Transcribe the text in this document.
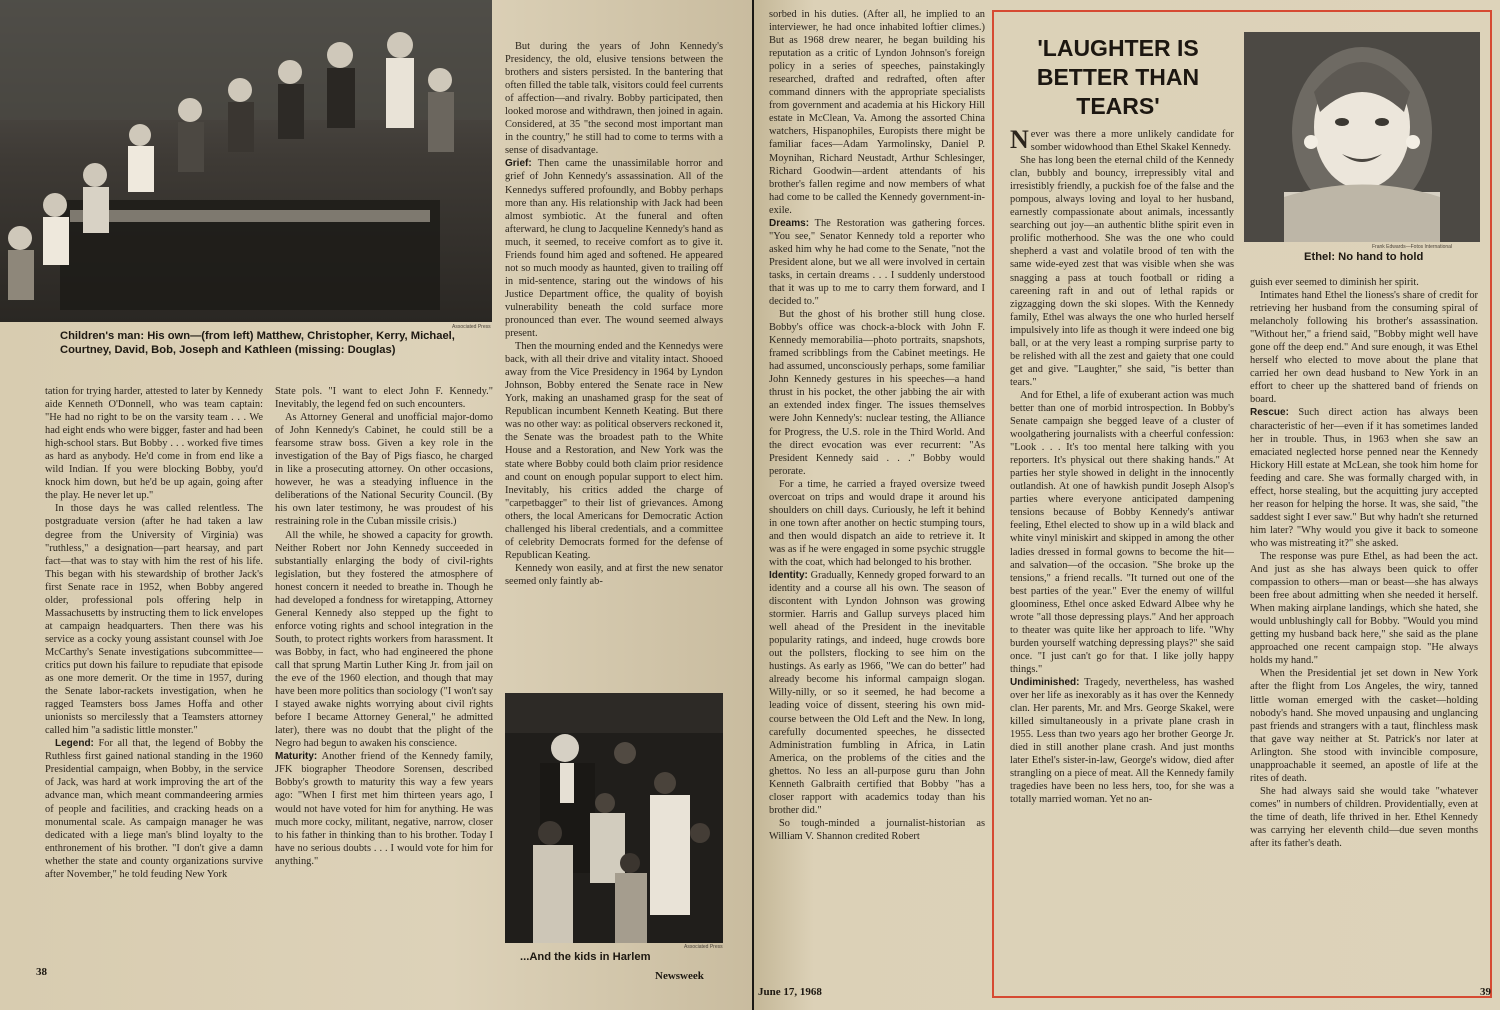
Associated Press
Children's man: His own—(from left) Matthew, Christopher, Kerry, Michael, Courtney, David, Bob, Joseph and Kathleen (missing: Douglas)

tation for trying harder, attested to later by Kennedy aide Kenneth O'Donnell, who was team captain: "He had no right to be on the varsity team . . . We had eight ends who were bigger, faster and had been high-school stars. But Bobby . . . worked five times as hard as anybody. He'd come in from end like a wild Indian. If you were blocking Bobby, you'd knock him down, but he'd be up again, going after the play. He never let up."

In those days he was called relentless. The postgraduate version (after he had taken a law degree from the University of Virginia) was "ruthless," a designation—part hearsay, and part fact—that was to stay with him the rest of his life. This began with his stewardship of brother Jack's first Senate race in 1952, when Bobby angered older, professional pols offering help in Massachusetts by instructing them to lick envelopes at campaign headquarters. Then there was his service as a cocky young assistant counsel with Joe McCarthy's Senate investigations subcommittee—critics put down his failure to repudiate that episode as one more demerit. Or the time in 1957, during the Senate labor-rackets investigation, when he ragged Teamsters boss James Hoffa and other unionists so mercilessly that a Teamsters attorney called him "a sadistic little monster."

Legend: For all that, the legend of Bobby the Ruthless first gained national standing in the 1960 Presidential campaign, when Bobby, in the service of Jack, was hard at work improving the art of the advance man, which meant commandeering armies of people and facilities, and cracking heads on a monumental scale. As campaign manager he was dedicated with a liege man's blind loyalty to the enthronement of his brother. "I don't give a damn whether the state and county organizations survive after November," he told feuding New York

State pols. "I want to elect John F. Kennedy." Inevitably, the legend fed on such encounters.

As Attorney General and unofficial major-domo of John Kennedy's Cabinet, he could still be a fearsome straw boss. Given a key role in the investigation of the Bay of Pigs fiasco, he charged in like a prosecuting attorney. On other occasions, however, he was a steadying influence in the deliberations of the National Security Council. (By his own later testimony, he was proudest of his restraining role in the Cuban missile crisis.)

All the while, he showed a capacity for growth. Neither Robert nor John Kennedy succeeded in substantially enlarging the body of civil-rights legislation, but they fostered the atmosphere of honest concern it needed to breathe in. Though he had developed a fondness for wiretapping, Attorney General Kennedy also stepped up the fight to enforce voting rights and school integration in the South, to protect rights workers from harassment. It was Bobby, in fact, who had engineered the phone call that sprung Martin Luther King Jr. from jail on the eve of the 1960 election, and though that may have been more politics than sociology ("I won't say I stayed awake nights worrying about civil rights before I became Attorney General," he admitted later), there was no doubt that the plight of the Negro had begun to awaken his conscience.

Maturity: Another friend of the Kennedy family, JFK biographer Theodore Sorensen, described Bobby's growth to maturity this way a few years ago: "When I first met him thirteen years ago, I would not have voted for him for anything. He was much more cocky, militant, negative, narrow, closer to his father in thinking than to his brother. Today I have no serious doubts . . . I would vote for him for anything."

But during the years of John Kennedy's Presidency, the old, elusive tensions between the brothers and sisters persisted. In the bantering that often filled the table talk, visitors could feel currents of affection—and rivalry. Bobby participated, then looked morose and withdrawn, then joined in again. Considered, at 35 "the second most important man in the country," he still had to come to terms with a sense of disadvantage.

Grief: Then came the unassimilable horror and grief of John Kennedy's assassination. All of the Kennedys suffered profoundly, and Bobby perhaps more than any. His relationship with Jack had been almost symbiotic. At the funeral and often afterward, he clung to Jacqueline Kennedy's hand as much, it seemed, to receive comfort as to give it. Friends found him aged and softened. He appeared not so much moody as haunted, given to trailing off in mid-sentence, staring out the windows of his Justice Department office, the quality of boyish vulnerability beneath the cold surface more pronounced than ever. The wound seemed always present.

Then the mourning ended and the Kennedys were back, with all their drive and vitality intact. Shooed away from the Vice Presidency in 1964 by Lyndon Johnson, Bobby entered the Senate race in New York, making an unashamed grasp for the seat of Republican incumbent Kenneth Keating. But there was no other way: as political observers reckoned it, the Senate was the broadest path to the White House and a Restoration, and New York was the state where Bobby could both claim prior residence and count on enough popular support to elect him. Inevitably, his critics added the charge of "carpetbagger" to their list of grievances. Among others, the local Americans for Democratic Action challenged his liberal credentials, and a committee of celebrity Democrats formed for the defense of Republican Keating.

Kennedy won easily, and at first the new senator seemed only faintly ab-

Associated Press
...And the kids in Harlem
38	Newsweek

sorbed in his duties. (After all, he implied to an interviewer, he had once inhabited loftier climes.) But as 1968 drew nearer, he began building his reputation as a critic of Lyndon Johnson's foreign policy in a series of speeches, painstakingly researched, drafted and redrafted, often after command dinners with the appropriate specialists from government and academia at his Hickory Hill estate in McClean, Va. Among the assorted China watchers, Hispanophiles, Europists there might be familiar faces—Adam Yarmolinsky, Daniel P. Moynihan, Richard Neustadt, Arthur Schlesinger, Richard Goodwin—ardent attendants of his brother's fallen regime and now members of what had come to be called the Kennedy government-in-exile.

Dreams: The Restoration was gathering forces. "You see," Senator Kennedy told a reporter who asked him why he had come to the Senate, "not the President alone, but we all were involved in certain tasks, in certain dreams . . . I suddenly understood that it was up to me to carry them forward, and I decided to."

But the ghost of his brother still hung close. Bobby's office was chock-a-block with John F. Kennedy memorabilia—photo portraits, snapshots, framed scribblings from the Cabinet meetings. He had assumed, unconsciously perhaps, some familiar John Kennedy gestures in his speeches—a hand thrust in his pocket, the other jabbing the air with an extended index finger. The issues themselves were John Kennedy's: nuclear testing, the Alliance for Progress, the U.S. role in the Third World. And the direct evocation was ever recurrent: "As President Kennedy said . . ." Bobby would perorate.

For a time, he carried a frayed oversize tweed overcoat on trips and would drape it around his shoulders on chill days. Curiously, he left it behind in one town after another on hectic stumping tours, and then would dispatch an aide to retrieve it. It was as if he were engaged in some psychic struggle with the coat, which had belonged to his brother.

Identity: Gradually, Kennedy groped forward to an identity and a course all his own. The season of discontent with Lyndon Johnson was growing stormier. Harris and Gallup surveys placed him well ahead of the President in the inevitable popularity ratings, and indeed, huge crowds bore out the pollsters, flocking to see him on the hustings. As early as 1966, "We can do better" had already become his informal campaign slogan. Willy-nilly, or so it seemed, he had become a leading voice of dissent, steering his own mid-course between the Old Left and the New. In long, carefully documented speeches, he dissected Administration fumbling in Africa, in Latin America, on the problems of the cities and the ghettos. No less an all-purpose guru than John Kenneth Galbraith certified that Bobby "has a closer rapport with academics today than his brother did."

So tough-minded a journalist-historian as William V. Shannon credited Robert

'LAUGHTER IS BETTER THAN TEARS'
Frank Edwards—Fotos International
Ethel: No hand to hold

Never was there a more unlikely candidate for somber widowhood than Ethel Skakel Kennedy.

She has long been the eternal child of the Kennedy clan, bubbly and bouncy, irrepressibly vital and irresistibly friendly, a puckish foe of the false and the pompous, always loving and loyal to her husband, earnestly compassionate about animals, incessantly searching out joy—an authentic blithe spirit even in prolific motherhood. She was the one who could shepherd a vast and volatile brood of ten with the same wide-eyed zest that was visible when she was snagging a pass at touch football or riding a careening raft in and out of lethal rapids or zigzagging down the ski slopes. With the Kennedy family, Ethel was always the one who hurled herself impulsively into life as though it were indeed one big ball, or at the very least a romping surprise party to be relished with all the zest and gaiety that one could get and give. "Laughter," she said, "is better than tears."

And for Ethel, a life of exuberant action was much better than one of morbid introspection. In Bobby's Senate campaign she begged leave of a cluster of woolgathering journalists with a cheerful confession: "Look . . . It's too mental here talking with you reporters. It's physical out there shaking hands." At parties her style showed in delight in the innocently outlandish. At one of hawkish pundit Joseph Alsop's parties where everyone anticipated dampening tensions because of Bobby Kennedy's antiwar feeling, Ethel elected to show up in a wild black and white vinyl miniskirt and skipped in among the other ladies dressed in formal gowns to become the hit—and salvation—of the occasion. "She broke up the tensions," a friend recalls. "It turned out one of the best parties of the year." Ever the enemy of willful gloominess, Ethel once asked Edward Albee why he wrote "all those depressing plays." And her approach to theater was quite like her approach to life. "Why burden yourself watching depressing plays?" she said once. "I just can't go for that. I like jolly happy things."

Undiminished: Tragedy, nevertheless, has washed over her life as inexorably as it has over the Kennedy clan. Her parents, Mr. and Mrs. George Skakel, were killed simultaneously in a private plane crash in 1955. Less than two years ago her brother George Jr. died in still another plane crash. And just months later Ethel's sister-in-law, George's widow, died after strangling on a piece of meat. All the Kennedy family tragedies have been no less hers, too, for she was a totally married woman. Yet no an-

guish ever seemed to diminish her spirit.

Intimates hand Ethel the lioness's share of credit for retrieving her husband from the consuming spiral of melancholy following his brother's assassination. "Without her," a friend said, "Bobby might well have gone off the deep end." And sure enough, it was Ethel herself who elected to move about the plane that carried her own dead husband to New York in an effort to cheer up the shattered band of friends on board.

Rescue: Such direct action has always been characteristic of her—even if it has sometimes landed her in trouble. Thus, in 1963 when she saw an emaciated neglected horse penned near the Kennedy Hickory Hill estate at McLean, she took him home for feeding and care. She was formally charged with, in effect, horse stealing, but the acquitting jury accepted her reason for helping the horse. It was, she said, "the saddest sight I ever saw." But why hadn't she returned him later? "Why would you give it back to someone who was mistreating it?" she asked.

The response was pure Ethel, as had been the act. And just as she has always been quick to offer compassion to others—man or beast—she has always been free about admitting when she needed it herself. When making airplane landings, which she hated, she would unblushingly call for Bobby. "Would you mind getting my husband back here," she said as the plane approached one recent campaign stop. "He always holds my hand."

When the Presidential jet set down in New York after the flight from Los Angeles, the wiry, tanned little woman emerged with the casket—holding nobody's hand. She moved unpausing and unglancing past friends and strangers with a taut, flinchless mask that gave way neither at St. Patrick's nor later at Arlington. She stood with invincible composure, unapproachable it seemed, an apostle of life at the rites of death.

She had always said she would take "whatever comes" in numbers of children. Providentially, even at the time of death, life thrived in her. Ethel Kennedy was carrying her eleventh child—due seven months after its father's death.

June 17, 1968	39
